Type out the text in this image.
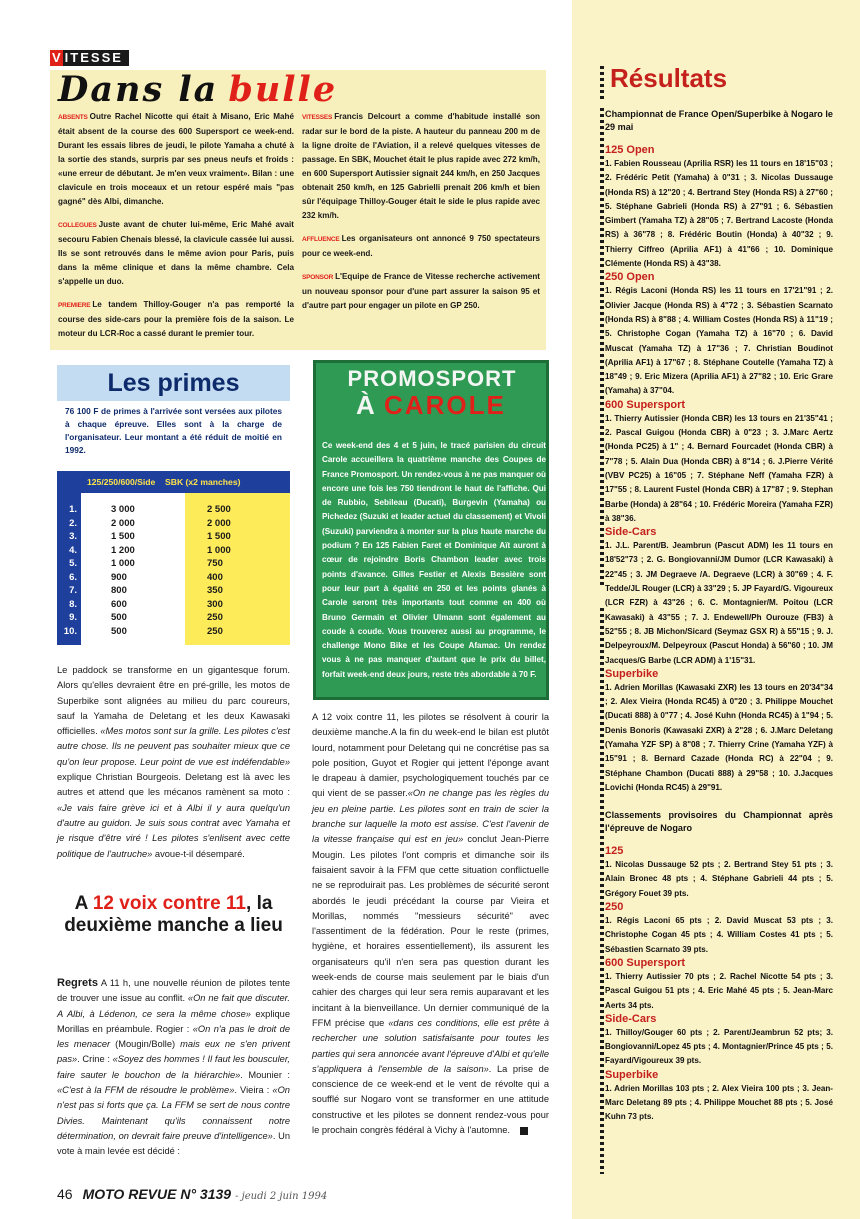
V ITESSE
Dans la bulle

ABSENTS Outre Rachel Nicotte qui était à Misano, Eric Mahé était absent de la course des 600 Supersport ce week-end. Durant les essais libres de jeudi, le pilote Yamaha a chuté à la sortie des stands, surpris par ses pneus neufs et froids : «une erreur de débutant. Je m'en veux vraiment». Bilan : une clavicule en trois moceaux et un retour espéré mais "pas gagné" dès Albi, dimanche.

COLLEGUES Juste avant de chuter lui-même, Eric Mahé avait secouru Fabien Chenais blessé, la clavicule cassée lui aussi. Ils se sont retrouvés dans le même avion pour Paris, puis dans la même clinique et dans la même chambre. Cela s'appelle un duo.

PREMIERE Le tandem Thilloy-Gouger n'a pas remporté la course des side-cars pour la première fois de la saison. Le moteur du LCR-Roc a cassé durant le premier tour.

VITESSES Francis Delcourt a comme d'habitude installé son radar sur le bord de la piste. A hauteur du panneau 200 m de la ligne droite de l'Aviation, il a relevé quelques vitesses de passage. En SBK, Mouchet était le plus rapide avec 272 km/h, en 600 Supersport Autissier signait 244 km/h, en 250 Jacques obtenait 250 km/h, en 125 Gabrielli prenait 206 km/h et bien sûr l'équipage Thilloy-Gouger était le side le plus rapide avec 232 km/h.

AFFLUENCE Les organisateurs ont annoncé 9 750 spectateurs pour ce week-end.

SPONSOR L'Equipe de France de Vitesse recherche activement un nouveau sponsor pour d'une part assurer la saison 95 et d'autre part pour engager un pilote en GP 250.

Les primes
76 100 F de primes à l'arrivée sont versées aux pilotes à chaque épreuve. Elles sont à la charge de l'organisateur. Leur montant a été réduit de moitié en 1992.
125/250/600/Side	SBK (x2 manches)
1.
2.
3.
4.
5.
6.
7.
8.
9.
10.
3 000
2 000
1 500
1 200
1 000
900
800
600
500
500
2 500
2 000
1 500
1 000
750
400
350
300
250
250
PROMOSPORT
À CAROLE
Ce week-end des 4 et 5 juin, le tracé parisien du circuit Carole accueillera la quatrième manche des Coupes de France Promosport. Un rendez-vous à ne pas manquer où encore une fois les 750 tiendront le haut de l'affiche. Qui de Rubbio, Sebileau (Ducati), Burgevin (Yamaha) ou Pichedez (Suzuki et leader actuel du classement) et Vivoli (Suzuki) parviendra à monter sur la plus haute marche du podium ? En 125 Fabien Faret et Dominique Aït auront à cœur de rejoindre Boris Chambon leader avec trois points d'avance. Gilles Festier et Alexis Bessière sont pour leur part à égalité en 250 et les points glanés à Carole seront très importants tout comme en 400 où Bruno Germain et Olivier Ulmann sont également au coude à coude. Vous trouverez aussi au programme, le challenge Mono Bike et les Coupe Afamac. Un rendez vous à ne pas manquer d'autant que le prix du billet, forfait week-end deux jours, reste très abordable à 70 F.
Le paddock se transforme en un gigantesque forum. Alors qu'elles devraient être en pré-grille, les motos de Superbike sont alignées au milieu du parc coureurs, sauf la Yamaha de Deletang et les deux Kawasaki officielles. «Mes motos sont sur la grille. Les pilotes c'est autre chose. Ils ne peuvent pas souhaiter mieux que ce qu'on leur propose. Leur point de vue est indéfendable» explique Christian Bourgeois. Deletang est là avec les autres et attend que les mécanos ramènent sa moto : «Je vais faire grève ici et à Albi il y aura quelqu'un d'autre au guidon. Je suis sous contrat avec Yamaha et je risque d'être viré ! Les pilotes s'enlisent avec cette politique de l'autruche» avoue-t-il désemparé.
A 12 voix contre 11, la deuxième manche a lieu
Regrets A 11 h, une nouvelle réunion de pilotes tente de trouver une issue au conflit. «On ne fait que discuter. A Albi, à Lédenon, ce sera la même chose» explique Morillas en préambule. Rogier : «On n'a pas le droit de les menacer (Mougin/Bolle) mais eux ne s'en privent pas». Crine : «Soyez des hommes ! Il faut les bousculer, faire sauter le bouchon de la hiérarchie». Mounier : «C'est à la FFM de résoudre le problème». Vieira : «On n'est pas si forts que ça. La FFM se sert de nous contre Divies. Maintenant qu'ils connaissent notre détermination, on devrait faire preuve d'intelligence». Un vote à main levée est décidé :
A 12 voix contre 11, les pilotes se résolvent à courir la deuxième manche.A la fin du week-end le bilan est plutôt lourd, notamment pour Deletang qui ne concrétise pas sa pole position, Guyot et Rogier qui jettent l'éponge avant le drapeau à damier, psychologiquement touchés par ce qui vient de se passer.«On ne change pas les règles du jeu en pleine partie. Les pilotes sont en train de scier la branche sur laquelle la moto est assise. C'est l'avenir de la vitesse française qui est en jeu» conclut Jean-Pierre Mougin. Les pilotes l'ont compris et dimanche soir ils faisaient savoir à la FFM que cette situation conflictuelle ne se reproduirait pas. Les problèmes de sécurité seront abordés le jeudi précédant la course par Vieira et Morillas, nommés "messieurs sécurité" avec l'assentiment de la fédération. Pour le reste (primes, hygiène, et horaires essentiellement), ils assurent les organisateurs qu'il n'en sera pas question durant les week-ends de course mais seulement par le biais d'un cahier des charges qui leur sera remis auparavant et les incitant à la bienveillance. Un dernier communiqué de la FFM précise que «dans ces conditions, elle est prête à rechercher une solution satisfaisante pour toutes les parties qui sera annoncée avant l'épreuve d'Albi et qu'elle s'appliquera à l'ensemble de la saison». La prise de conscience de ce week-end et le vent de révolte qui a soufflé sur Nogaro vont se transformer en une attitude constructive et les pilotes se donnent rendez-vous pour le prochain congrès fédéral à Vichy à l'automne.
Résultats
Championnat de France Open/Superbike à Nogaro le 29 mai
125 Open
1. Fabien Rousseau (Aprilia RSR) les 11 tours en 18'15"03 ; 2. Frédéric Petit (Yamaha) à 0"31 ; 3. Nicolas Dussauge (Honda RS) à 12"20 ; 4. Bertrand Stey (Honda RS) à 27"60 ; 5. Stéphane Gabrieli (Honda RS) à 27"91 ; 6. Sébastien Gimbert (Yamaha TZ) à 28"05 ; 7. Bertrand Lacoste (Honda RS) à 36"78 ; 8. Frédéric Boutin (Honda) à 40"32 ; 9. Thierry Ciffreo (Aprilia AF1) à 41"66 ; 10. Dominique Clémente (Honda RS) à 43"38.
250 Open
1. Régis Laconi (Honda RS) les 11 tours en 17'21"91 ; 2. Olivier Jacque (Honda RS) à 4"72 ; 3. Sébastien Scarnato (Honda RS) à 8"88 ; 4. William Costes (Honda RS) à 11"19 ; 5. Christophe Cogan (Yamaha TZ) à 16"70 ; 6. David Muscat (Yamaha TZ) à 17"36 ; 7. Christian Boudinot (Aprilia AF1) à 17"67 ; 8. Stéphane Coutelle (Yamaha TZ) à 18"49 ; 9. Eric Mizera (Aprilia AF1) à 27"82 ; 10. Eric Grare (Yamaha) à 37"04.
600 Supersport
1. Thierry Autissier (Honda CBR) les 13 tours en 21'35"41 ; 2. Pascal Guigou (Honda CBR) à 0"23 ; 3. J.Marc Aertz (Honda PC25) à 1" ; 4. Bernard Fourcadet (Honda CBR) à 7"78 ; 5. Alain Dua (Honda CBR) à 8"14 ; 6. J.Pierre Vérité (VBV PC25) à 16"05 ; 7. Stéphane Neff (Yamaha FZR) à 17"55 ; 8. Laurent Fustel (Honda CBR) à 17"87 ; 9. Stephan Barbe (Honda) à 28"64 ; 10. Frédéric Moreira (Yamaha FZR) à 38"36.
Side-Cars
1. J.L. Parent/B. Jeambrun (Pascut ADM) les 11 tours en 18'52"73 ; 2. G. Bongiovanni/JM Dumor (LCR Kawasaki) à 22"45 ; 3. JM Degraeve /A. Degraeve (LCR) à 30"69 ; 4. F. Tedde/JL Rouger (LCR) à 33"29 ; 5. JP Fayard/G. Vigoureux (LCR FZR) à 43"26 ; 6. C. Montagnier/M. Poitou (LCR Kawasaki) à 43"55 ; 7. J. Endewell/Ph Ourouze (FB3) à 52"55 ; 8. JB Michon/Sicard (Seymaz GSX R) à 55"15 ; 9. J. Delpeyroux/M. Delpeyroux (Pascut Honda) à 56"60 ; 10. JM Jacques/G Barbe (LCR ADM) à 1'15"31.
Superbike
1. Adrien Morillas (Kawasaki ZXR) les 13 tours en 20'34"34 ; 2. Alex Vieira (Honda RC45) à 0"20 ; 3. Philippe Mouchet (Ducati 888) à 0"77 ; 4. José Kuhn (Honda RC45) à 1"94 ; 5. Denis Bonoris (Kawasaki ZXR) à 2"28 ; 6. J.Marc Deletang (Yamaha YZF SP) à 8"08 ; 7. Thierry Crine (Yamaha YZF) à 15"91 ; 8. Bernard Cazade (Honda RC) à 22"04 ; 9. Stéphane Chambon (Ducati 888) à 29"58 ; 10. J.Jacques Lovichi (Honda RC45) à 29"91.
Classements provisoires du Championnat après l'épreuve de Nogaro
125
1. Nicolas Dussauge 52 pts ; 2. Bertrand Stey 51 pts ; 3. Alain Bronec 48 pts ; 4. Stéphane Gabrieli 44 pts ; 5. Grégory Fouet 39 pts.
250
1. Régis Laconi 65 pts ; 2. David Muscat 53 pts ; 3. Christophe Cogan 45 pts ; 4. William Costes 41 pts ; 5. Sébastien Scarnato 39 pts.
600 Supersport
1. Thierry Autissier 70 pts ; 2. Rachel Nicotte 54 pts ; 3. Pascal Guigou 51 pts ; 4. Eric Mahé 45 pts ; 5. Jean-Marc Aerts 34 pts.
Side-Cars
1. Thilloy/Gouger 60 pts ; 2. Parent/Jeambrun 52 pts; 3. Bongiovanni/Lopez 45 pts ; 4. Montagnier/Prince 45 pts ; 5. Fayard/Vigoureux 39 pts.
Superbike
1. Adrien Morillas 103 pts ; 2. Alex Vieira 100 pts ; 3. Jean-Marc Deletang 89 pts ; 4. Philippe Mouchet 88 pts ; 5. José Kuhn 73 pts.
46 MOTO REVUE N° 3139 - jeudi 2 juin 1994
